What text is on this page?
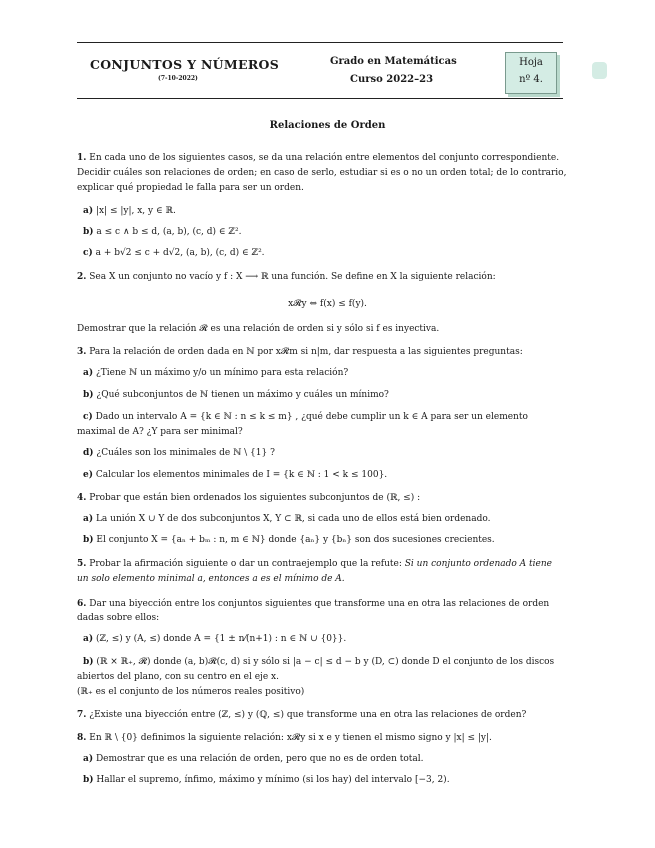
CONJUNTOS Y NÚMEROS
(7-10-2022)
Grado en Matemáticas
Curso 2022–23
Hoja
nº 4.
Relaciones de Orden
1. En cada uno de los siguientes casos, se da una relación entre elementos del conjunto correspondiente.
Decidir cuáles son relaciones de orden; en caso de serlo, estudiar si es o no un orden total; de lo contrario,
explicar qué propiedad le falla para ser un orden.
a) |x| ≤ |y|, x, y ∈ ℝ.
b) a ≤ c ∧ b ≤ d, (a, b), (c, d) ∈ ℤ².
c) a + b√2 ≤ c + d√2, (a, b), (c, d) ∈ ℤ².
2. Sea X un conjunto no vacío y f : X ⟶ ℝ una función. Se define en X la siguiente relación:
x𝓡y ⇔ f(x) ≤ f(y).
Demostrar que la relación 𝓡 es una relación de orden si y sólo si f es inyectiva.
3. Para la relación de orden dada en ℕ por x𝓡m si n|m, dar respuesta a las siguientes preguntas:
a) ¿Tiene ℕ un máximo y/o un mínimo para esta relación?
b) ¿Qué subconjuntos de ℕ tienen un máximo y cuáles un mínimo?
c) Dado un intervalo A = {k ∈ ℕ : n ≤ k ≤ m} , ¿qué debe cumplir un k ∈ A para ser un elemento
maximal de A? ¿Y para ser minimal?
d) ¿Cuáles son los minimales de ℕ \ {1} ?
e) Calcular los elementos minimales de I = {k ∈ ℕ : 1 < k ≤ 100}.
4. Probar que están bien ordenados los siguientes subconjuntos de (ℝ, ≤) :
a) La unión X ∪ Y de dos subconjuntos X, Y ⊂ ℝ, si cada uno de ellos está bien ordenado.
b) El conjunto X = {aₙ + bₘ : n, m ∈ ℕ} donde {aₙ} y {bₙ} son dos sucesiones crecientes.
5. Probar la afirmación siguiente o dar un contraejemplo que la refute: Si un conjunto ordenado A tiene
un solo elemento minimal a, entonces a es el mínimo de A.
6. Dar una biyección entre los conjuntos siguientes que transforme una en otra las relaciones de orden
dadas sobre ellos:
a) (ℤ, ≤) y (A, ≤) donde A = {1 ± n⁄(n+1) : n ∈ ℕ ∪ {0}}.
b) (ℝ × ℝ₊, 𝓡) donde (a, b)𝓡(c, d) si y sólo si |a − c| ≤ d − b y (D, ⊂) donde D el conjunto de los discos
abiertos del plano, con su centro en el eje x.
(ℝ₊ es el conjunto de los números reales positivo)
7. ¿Existe una biyección entre (ℤ, ≤) y (ℚ, ≤) que transforme una en otra las relaciones de orden?
8. En ℝ \ {0} definimos la siguiente relación: x𝓡y si x e y tienen el mismo signo y |x| ≤ |y|.
a) Demostrar que es una relación de orden, pero que no es de orden total.
b) Hallar el supremo, ínfimo, máximo y mínimo (si los hay) del intervalo [−3, 2).
